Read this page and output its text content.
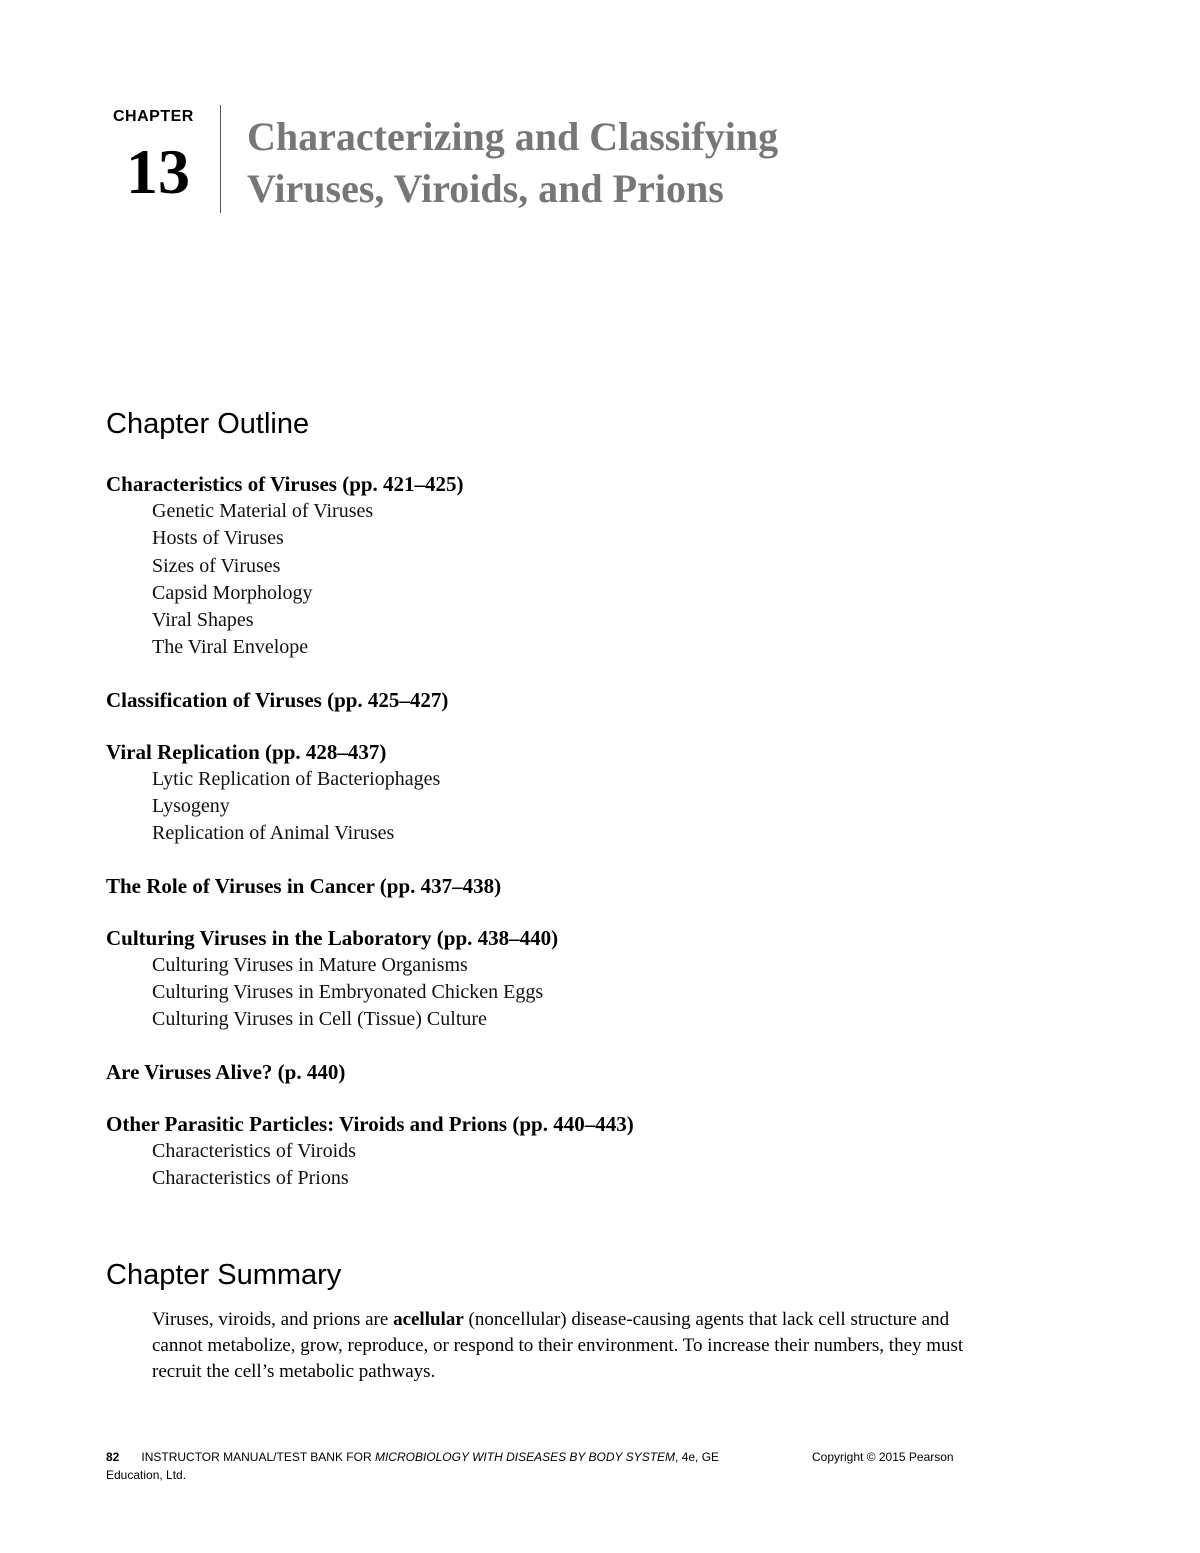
CHAPTER
13 Characterizing and Classifying
Viruses, Viroids, and Prions
Chapter Outline
Characteristics of Viruses (pp. 421–425)
Genetic Material of Viruses
Hosts of Viruses
Sizes of Viruses
Capsid Morphology
Viral Shapes
The Viral Envelope
Classification of Viruses (pp. 425–427)
Viral Replication (pp. 428–437)
Lytic Replication of Bacteriophages
Lysogeny
Replication of Animal Viruses
The Role of Viruses in Cancer (pp. 437–438)
Culturing Viruses in the Laboratory (pp. 438–440)
Culturing Viruses in Mature Organisms
Culturing Viruses in Embryonated Chicken Eggs
Culturing Viruses in Cell (Tissue) Culture
Are Viruses Alive? (p. 440)
Other Parasitic Particles: Viroids and Prions (pp. 440–443)
Characteristics of Viroids
Characteristics of Prions
Chapter Summary
Viruses, viroids, and prions are acellular (noncellular) disease-causing agents that lack cell structure and cannot metabolize, grow, reproduce, or respond to their environment. To increase their numbers, they must recruit the cell’s metabolic pathways.
82 INSTRUCTOR MANUAL/TEST BANK FOR MICROBIOLOGY WITH DISEASES BY BODY SYSTEM, 4e, GE	Copyright © 2015 Pearson
Education, Ltd.
